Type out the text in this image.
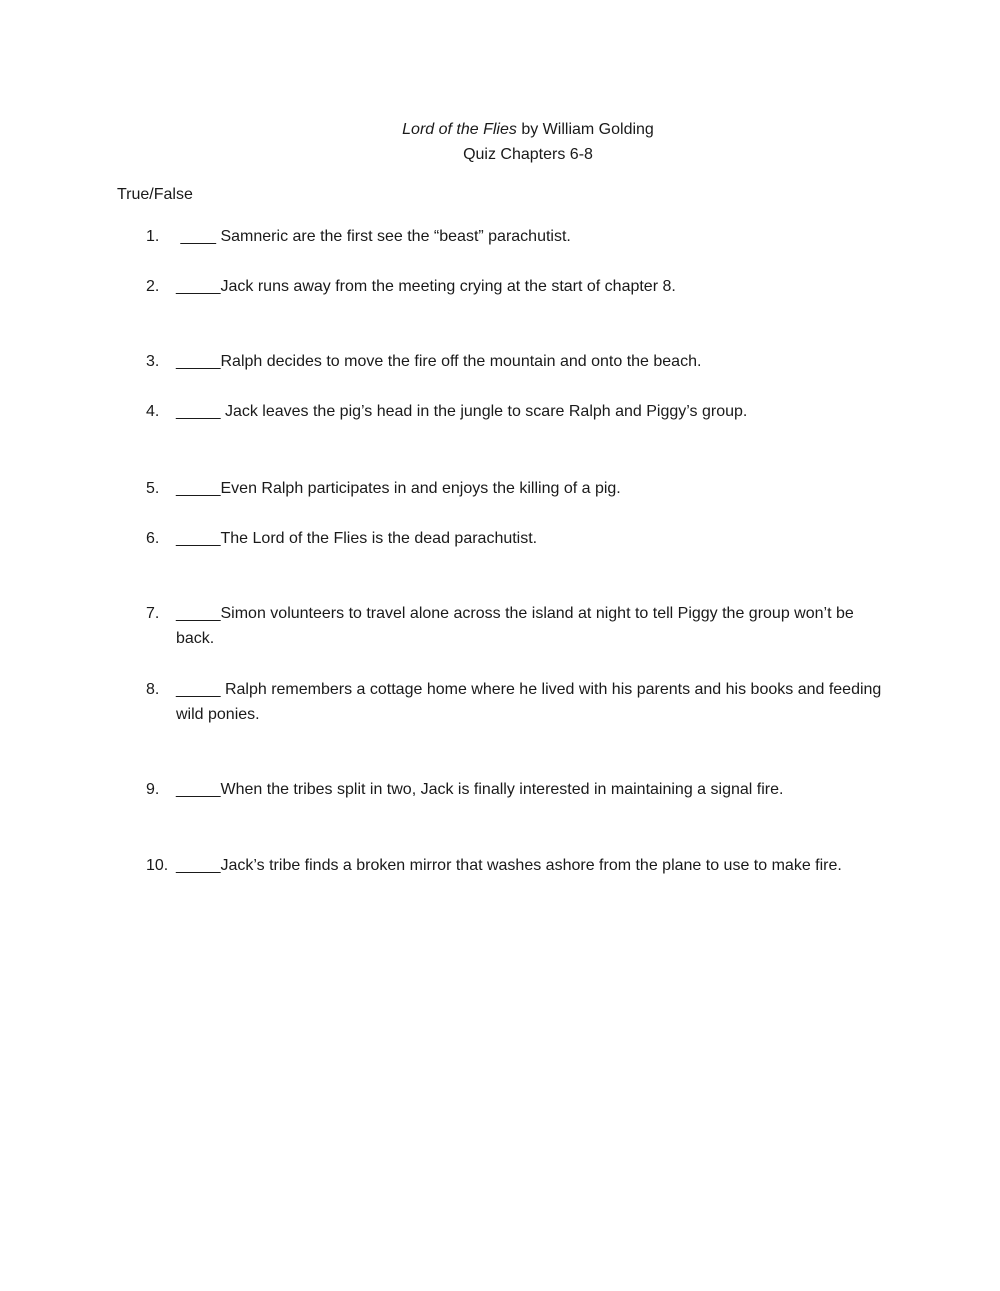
Lord of the Flies by William Golding
Quiz Chapters 6-8
True/False
1. ____ Samneric are the first see the “beast” parachutist.
2. _____Jack runs away from the meeting crying at the start of chapter 8.
3. _____Ralph decides to move the fire off the mountain and onto the beach.
4. _____ Jack leaves the pig’s head in the jungle to scare Ralph and Piggy’s group.
5. _____Even Ralph participates in and enjoys the killing of a pig.
6. _____The Lord of the Flies is the dead parachutist.
7. _____Simon volunteers to travel alone across the island at night to tell Piggy the group won’t be back.
8. _____ Ralph remembers a cottage home where he lived with his parents and his books and feeding wild ponies.
9. _____When the tribes split in two, Jack is finally interested in maintaining a signal fire.
10. _____Jack’s tribe finds a broken mirror that washes ashore from the plane to use to make fire.
